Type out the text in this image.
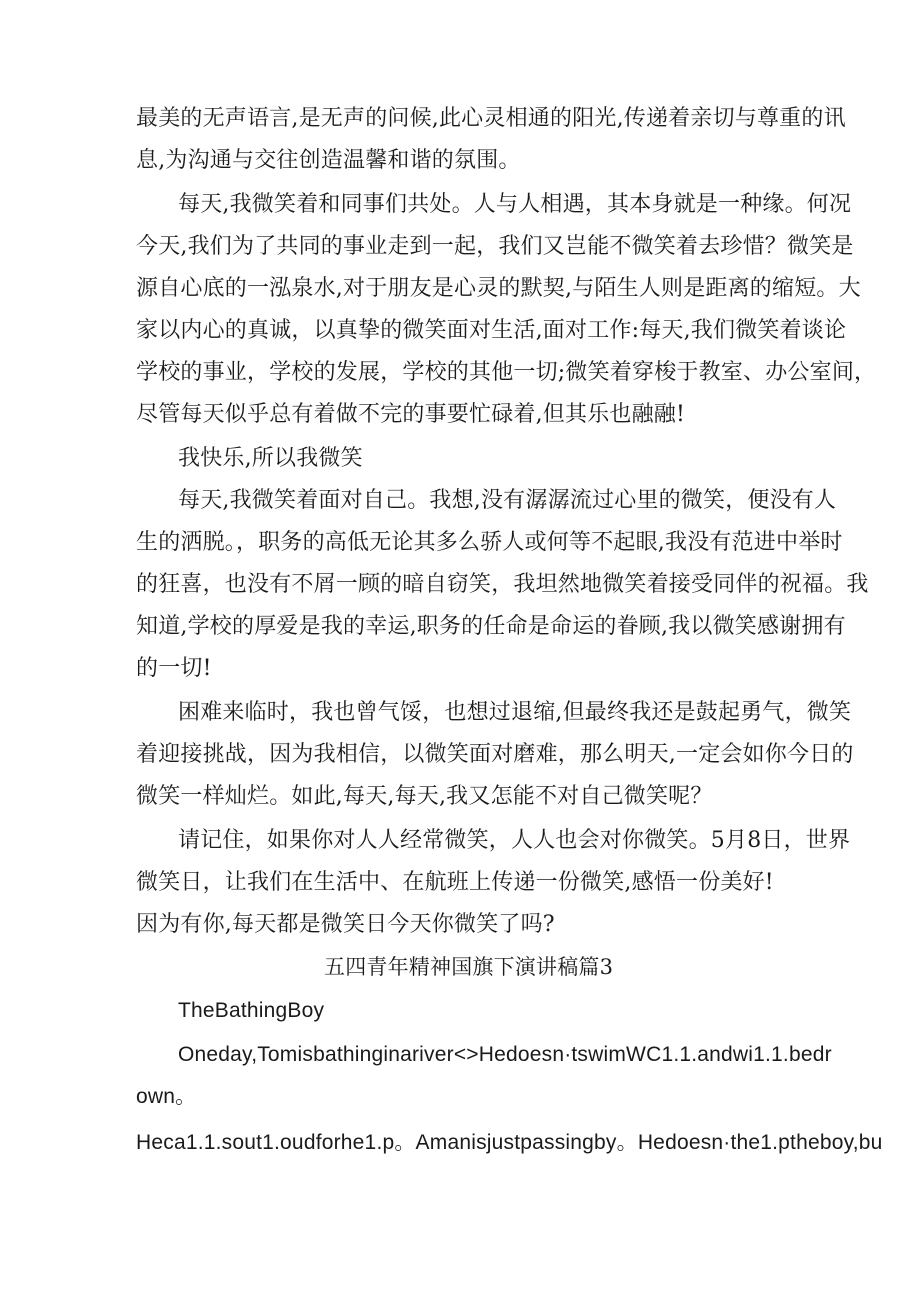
最美的无声语言,是无声的问候,此心灵相通的阳光,传递着亲切与尊重的讯
息,为沟通与交往创造温馨和谐的氛围。
每天,我微笑着和同事们共处。人与人相遇，其本身就是一种缘。何况
今天,我们为了共同的事业走到一起，我们又岂能不微笑着去珍惜？微笑是
源自心底的一泓泉水,对于朋友是心灵的默契,与陌生人则是距离的缩短。大
家以内心的真诚，以真挚的微笑面对生活,面对工作:每天,我们微笑着谈论
学校的事业，学校的发展，学校的其他一切;微笑着穿梭于教室、办公室间，
尽管每天似乎总有着做不完的事要忙碌着,但其乐也融融!
我快乐,所以我微笑
每天,我微笑着面对自己。我想,没有潺潺流过心里的微笑，便没有人
生的洒脱。，职务的高低无论其多么骄人或何等不起眼,我没有范进中举时
的狂喜，也没有不屑一顾的暗自窃笑，我坦然地微笑着接受同伴的祝福。我
知道,学校的厚爱是我的幸运,职务的任命是命运的眷顾,我以微笑感谢拥有
的一切!
困难来临时，我也曾气馁，也想过退缩,但最终我还是鼓起勇气，微笑
着迎接挑战，因为我相信，以微笑面对磨难，那么明天,一定会如你今日的
微笑一样灿烂。如此,每天,每天,我又怎能不对自己微笑呢？
请记住，如果你对人人经常微笑，人人也会对你微笑。5月8日，世界
微笑日，让我们在生活中、在航班上传递一份微笑,感悟一份美好!
因为有你,每天都是微笑日今天你微笑了吗?
五四青年精神国旗下演讲稿篇3
TheBathingBoy
Oneday,Tomisbathinginariver<>Hedoesn·tswimWC1.1.andwi1.1.bedr
own。
Heca1.1.sout1.oudforhe1.p。Amanisjustpassingby。Hedoesn·the1.ptheboy,bu
